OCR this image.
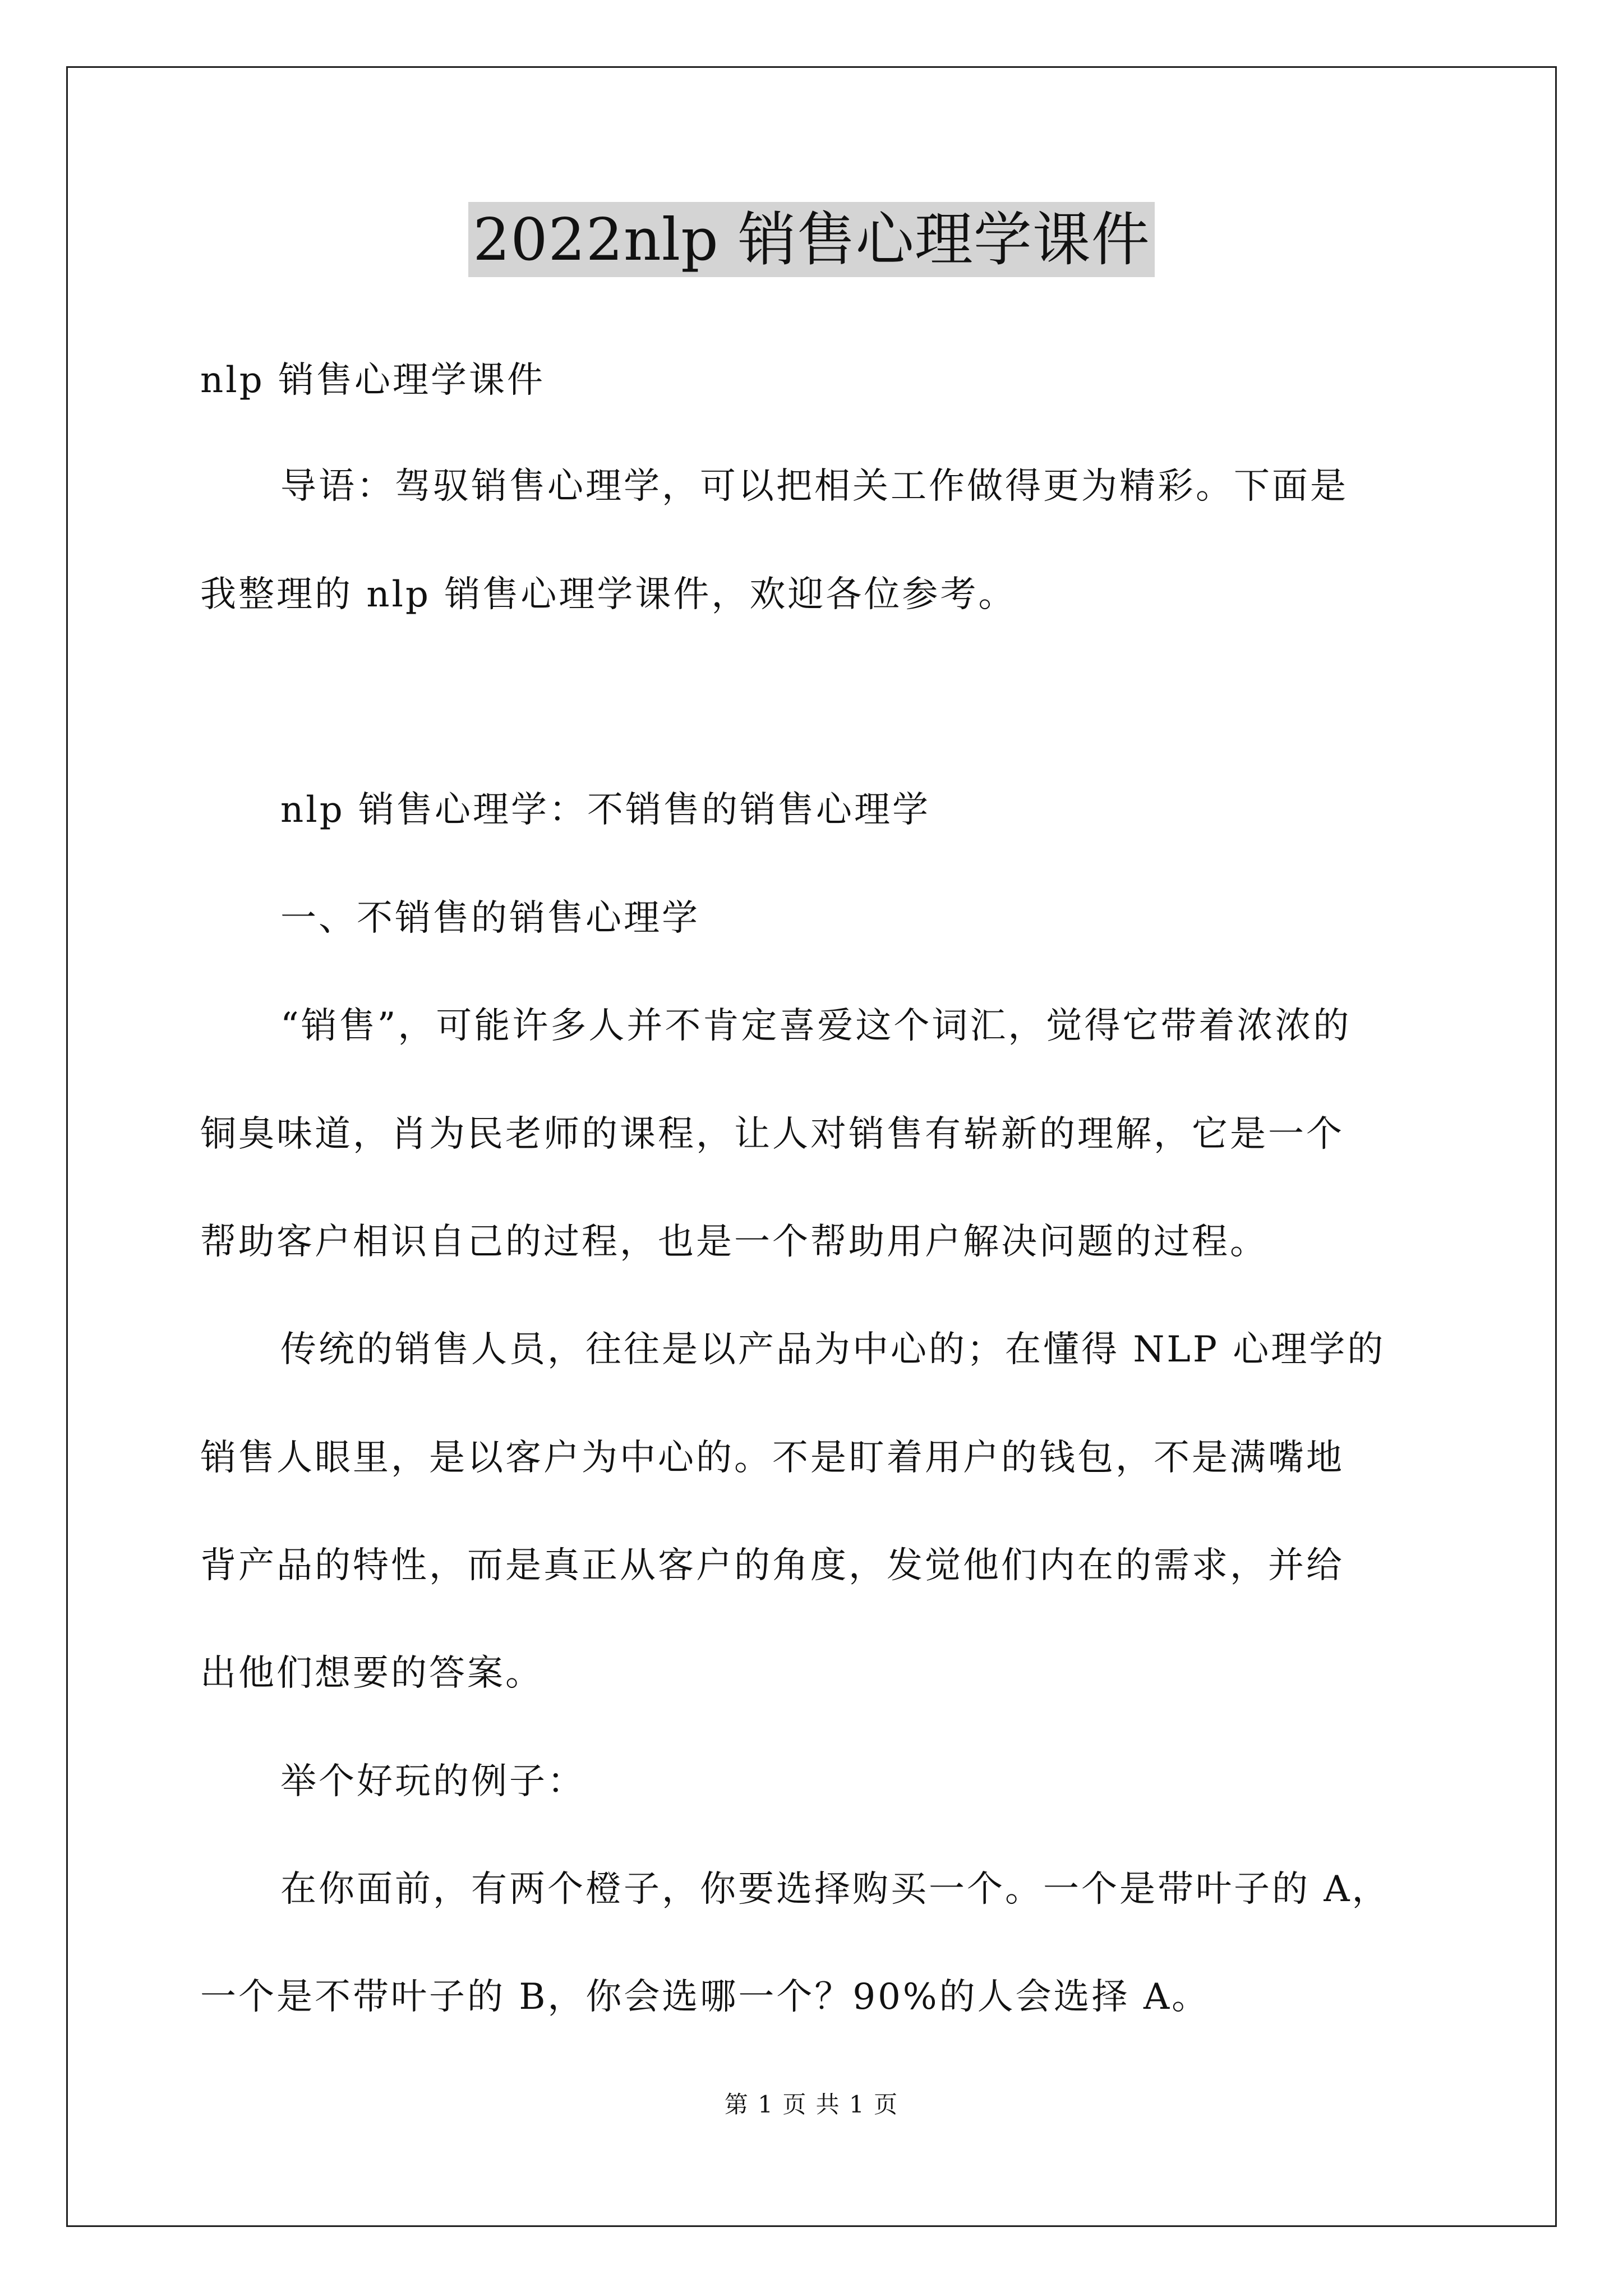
2022nlp 销售心理学课件
nlp 销售心理学课件
导语：驾驭销售心理学，可以把相关工作做得更为精彩。下面是
我整理的 nlp 销售心理学课件，欢迎各位参考。
nlp 销售心理学：不销售的销售心理学
一、不销售的销售心理学
“销售”，可能许多人并不肯定喜爱这个词汇，觉得它带着浓浓的
铜臭味道，肖为民老师的课程，让人对销售有崭新的理解，它是一个
帮助客户相识自己的过程，也是一个帮助用户解决问题的过程。
传统的销售人员，往往是以产品为中心的；在懂得 NLP 心理学的
销售人眼里，是以客户为中心的。不是盯着用户的钱包，不是满嘴地
背产品的特性，而是真正从客户的角度，发觉他们内在的需求，并给
出他们想要的答案。
举个好玩的例子：
在你面前，有两个橙子，你要选择购买一个。一个是带叶子的 A，
一个是不带叶子的 B，你会选哪一个？90%的人会选择 A。
第 1 页 共 1 页
